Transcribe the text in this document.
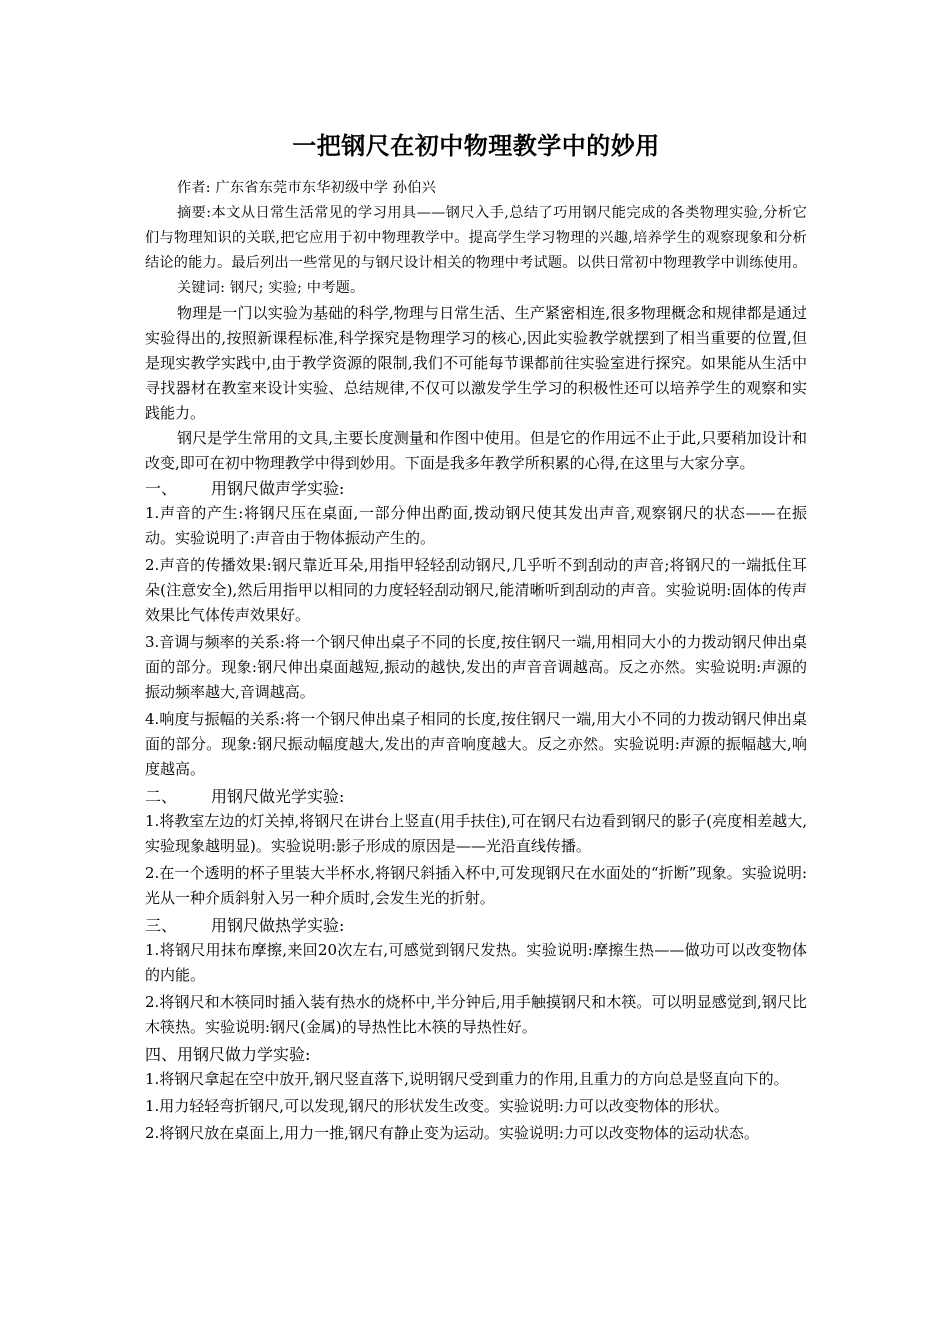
一把钢尺在初中物理教学中的妙用

作者: 广东省东莞市东华初级中学 孙伯兴

摘要:本文从日常生活常见的学习用具——钢尺入手,总结了巧用钢尺能完成的各类物理实验,分析它们与物理知识的关联,把它应用于初中物理教学中。提高学生学习物理的兴趣,培养学生的观察现象和分析结论的能力。最后列出一些常见的与钢尺设计相关的物理中考试题。以供日常初中物理教学中训练使用。

关键词: 钢尺; 实验; 中考题。

物理是一门以实验为基础的科学,物理与日常生活、生产紧密相连,很多物理概念和规律都是通过实验得出的,按照新课程标准,科学探究是物理学习的核心,因此实验教学就摆到了相当重要的位置,但是现实教学实践中,由于教学资源的限制,我们不可能每节课都前往实验室进行探究。如果能从生活中寻找器材在教室来设计实验、总结规律,不仅可以激发学生学习的积极性还可以培养学生的观察和实践能力。

钢尺是学生常用的文具,主要长度测量和作图中使用。但是它的作用远不止于此,只要稍加设计和改变,即可在初中物理教学中得到妙用。下面是我多年教学所积累的心得,在这里与大家分享。

一、 用钢尺做声学实验:

1.声音的产生:将钢尺压在桌面,一部分伸出酌面,拨动钢尺使其发出声音,观察钢尺的状态——在振动。实验说明了:声音由于物体振动产生的。

2.声音的传播效果:钢尺靠近耳朵,用指甲轻轻刮动钢尺,几乎听不到刮动的声音;将钢尺的一端抵住耳朵(注意安全),然后用指甲以相同的力度轻轻刮动钢尺,能清晰听到刮动的声音。实验说明:固体的传声效果比气体传声效果好。

3.音调与频率的关系:将一个钢尺伸出桌子不同的长度,按住钢尺一端,用相同大小的力拨动钢尺伸出桌面的部分。现象:钢尺伸出桌面越短,振动的越快,发出的声音音调越高。反之亦然。实验说明:声源的振动频率越大,音调越高。

4.响度与振幅的关系:将一个钢尺伸出桌子相同的长度,按住钢尺一端,用大小不同的力拨动钢尺伸出桌面的部分。现象:钢尺振动幅度越大,发出的声音响度越大。反之亦然。实验说明:声源的振幅越大,响度越高。

二、 用钢尺做光学实验:

1.将教室左边的灯关掉,将钢尺在讲台上竖直(用手扶住),可在钢尺右边看到钢尺的影子(亮度相差越大,实验现象越明显)。实验说明:影子形成的原因是——光沿直线传播。

2.在一个透明的杯子里装大半杯水,将钢尺斜插入杯中,可发现钢尺在水面处的“折断”现象。实验说明:光从一种介质斜射入另一种介质时,会发生光的折射。

三、 用钢尺做热学实验:

1.将钢尺用抹布摩擦,来回20次左右,可感觉到钢尺发热。实验说明:摩擦生热——做功可以改变物体的内能。

2.将钢尺和木筷同时插入装有热水的烧杯中,半分钟后,用手触摸钢尺和木筷。可以明显感觉到,钢尺比木筷热。实验说明:钢尺(金属)的导热性比木筷的导热性好。

四、用钢尺做力学实验:

1.将钢尺拿起在空中放开,钢尺竖直落下,说明钢尺受到重力的作用,且重力的方向总是竖直向下的。

1.用力轻轻弯折钢尺,可以发现,钢尺的形状发生改变。实验说明:力可以改变物体的形状。

2.将钢尺放在桌面上,用力一推,钢尺有静止变为运动。实验说明:力可以改变物体的运动状态。
